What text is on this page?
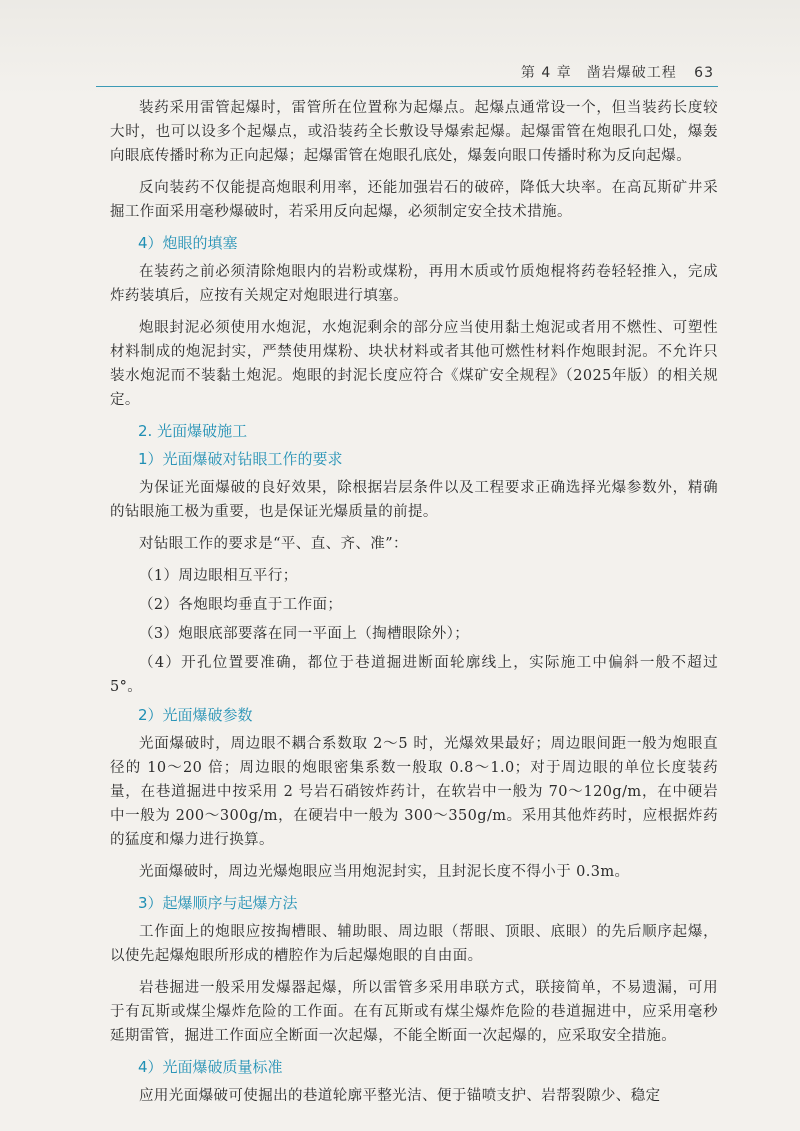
第 4 章　凿岩爆破工程 63

装药采用雷管起爆时，雷管所在位置称为起爆点。起爆点通常设一个，但当装药长度较大时，也可以设多个起爆点，或沿装药全长敷设导爆索起爆。起爆雷管在炮眼孔口处，爆轰向眼底传播时称为正向起爆；起爆雷管在炮眼孔底处，爆轰向眼口传播时称为反向起爆。

反向装药不仅能提高炮眼利用率，还能加强岩石的破碎，降低大块率。在高瓦斯矿井采掘工作面采用毫秒爆破时，若采用反向起爆，必须制定安全技术措施。

4）炮眼的填塞

在装药之前必须清除炮眼内的岩粉或煤粉，再用木质或竹质炮棍将药卷轻轻推入，完成炸药装填后，应按有关规定对炮眼进行填塞。

炮眼封泥必须使用水炮泥，水炮泥剩余的部分应当使用黏土炮泥或者用不燃性、可塑性材料制成的炮泥封实，严禁使用煤粉、块状材料或者其他可燃性材料作炮眼封泥。不允许只装水炮泥而不装黏土炮泥。炮眼的封泥长度应符合《煤矿安全规程》（2025年版）的相关规定。

2. 光面爆破施工
1）光面爆破对钻眼工作的要求

为保证光面爆破的良好效果，除根据岩层条件以及工程要求正确选择光爆参数外，精确的钻眼施工极为重要，也是保证光爆质量的前提。

对钻眼工作的要求是“平、直、齐、准”：

（1）周边眼相互平行；

（2）各炮眼均垂直于工作面；

（3）炮眼底部要落在同一平面上（掏槽眼除外）；

（4）开孔位置要准确，都位于巷道掘进断面轮廓线上，实际施工中偏斜一般不超过 5°。

2）光面爆破参数

光面爆破时，周边眼不耦合系数取 2～5 时，光爆效果最好；周边眼间距一般为炮眼直径的 10～20 倍；周边眼的炮眼密集系数一般取 0.8～1.0；对于周边眼的单位长度装药量，在巷道掘进中按采用 2 号岩石硝铵炸药计，在软岩中一般为 70～120g/m，在中硬岩中一般为 200～300g/m，在硬岩中一般为 300～350g/m。采用其他炸药时，应根据炸药的猛度和爆力进行换算。

光面爆破时，周边光爆炮眼应当用炮泥封实，且封泥长度不得小于 0.3m。

3）起爆顺序与起爆方法

工作面上的炮眼应按掏槽眼、辅助眼、周边眼（帮眼、顶眼、底眼）的先后顺序起爆，以使先起爆炮眼所形成的槽腔作为后起爆炮眼的自由面。

岩巷掘进一般采用发爆器起爆，所以雷管多采用串联方式，联接简单，不易遗漏，可用于有瓦斯或煤尘爆炸危险的工作面。在有瓦斯或有煤尘爆炸危险的巷道掘进中，应采用毫秒延期雷管，掘进工作面应全断面一次起爆，不能全断面一次起爆的，应采取安全措施。

4）光面爆破质量标准

应用光面爆破可使掘出的巷道轮廓平整光洁、便于锚喷支护、岩帮裂隙少、稳定
